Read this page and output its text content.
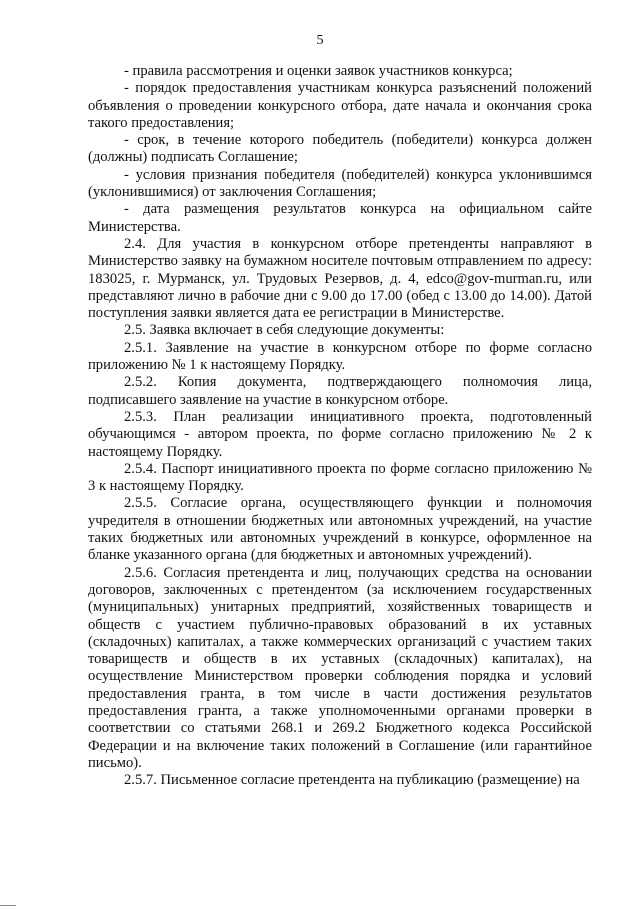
5

- правила рассмотрения и оценки заявок участников конкурса;

- порядок предоставления участникам конкурса разъяснений положений объявления о проведении конкурсного отбора, дате начала и окончания срока такого предоставления;

- срок, в течение которого победитель (победители) конкурса должен (должны) подписать Соглашение;

- условия признания победителя (победителей) конкурса уклонившимся (уклонившимися) от заключения Соглашения;

- дата размещения результатов конкурса на официальном сайте Министерства.

2.4. Для участия в конкурсном отборе претенденты направляют в Министерство заявку на бумажном носителе почтовым отправлением по адресу: 183025, г. Мурманск, ул. Трудовых Резервов, д. 4, edco@gov-murman.ru, или представляют лично в рабочие дни с 9.00 до 17.00 (обед с 13.00 до 14.00). Датой поступления заявки является дата ее регистрации в Министерстве.

2.5. Заявка включает в себя следующие документы:

2.5.1. Заявление на участие в конкурсном отборе по форме согласно приложению № 1 к настоящему Порядку.

2.5.2. Копия документа, подтверждающего полномочия лица, подписавшего заявление на участие в конкурсном отборе.

2.5.3. План реализации инициативного проекта, подготовленный обучающимся - автором проекта, по форме согласно приложению № 2 к настоящему Порядку.

2.5.4. Паспорт инициативного проекта по форме согласно приложению № 3 к настоящему Порядку.

2.5.5. Согласие органа, осуществляющего функции и полномочия учредителя в отношении бюджетных или автономных учреждений, на участие таких бюджетных или автономных учреждений в конкурсе, оформленное на бланке указанного органа (для бюджетных и автономных учреждений).

2.5.6. Согласия претендента и лиц, получающих средства на основании договоров, заключенных с претендентом (за исключением государственных (муниципальных) унитарных предприятий, хозяйственных товариществ и обществ с участием публично-правовых образований в их уставных (складочных) капиталах, а также коммерческих организаций с участием таких товариществ и обществ в их уставных (складочных) капиталах), на осуществление Министерством проверки соблюдения порядка и условий предоставления гранта, в том числе в части достижения результатов предоставления гранта, а также уполномоченными органами проверки в соответствии со статьями 268.1 и 269.2 Бюджетного кодекса Российской Федерации и на включение таких положений в Соглашение (или гарантийное письмо).

2.5.7. Письменное согласие претендента на публикацию (размещение) на
